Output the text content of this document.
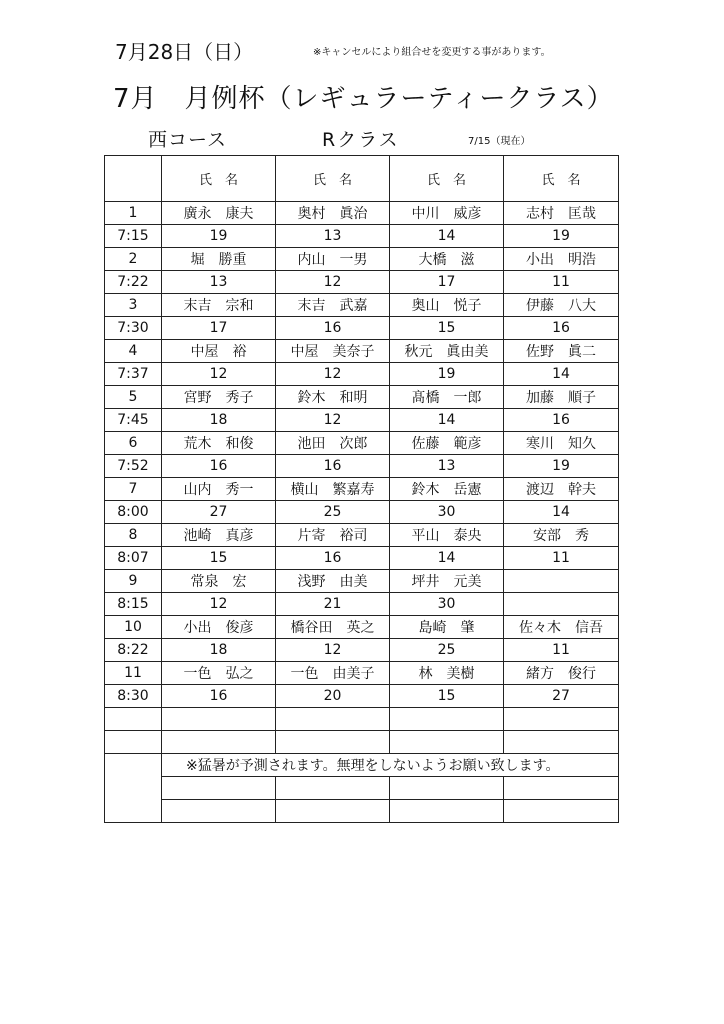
7月28日（日）	※キャンセルにより組合せを変更する事があります。
7月　月例杯（レギュラーティークラス）
西コース	Rクラス	7/15（現在）
	氏　名	氏　名	氏　名	氏　名
1	廣永　康夫	奥村　眞治	中川　威彦	志村　匡哉
7:15	19	13	14	19
2	堀　勝重	内山　一男	大橋　滋	小出　明浩
7:22	13	12	17	11
3	末吉　宗和	末吉　武嘉	奥山　悦子	伊藤　八大
7:30	17	16	15	16
4	中屋　裕	中屋　美奈子	秋元　眞由美	佐野　眞二
7:37	12	12	19	14
5	宮野　秀子	鈴木　和明	髙橋　一郎	加藤　順子
7:45	18	12	14	16
6	荒木　和俊	池田　次郎	佐藤　範彦	寒川　知久
7:52	16	16	13	19
7	山内　秀一	横山　繁嘉寿	鈴木　岳憲	渡辺　幹夫
8:00	27	25	30	14
8	池崎　真彦	片寄　裕司	平山　泰央	安部　秀
8:07	15	16	14	11
9	常泉　宏	浅野　由美	坪井　元美	
8:15	12	21	30	
10	小出　俊彦	橋谷田　英之	島崎　肇	佐々木　信吾
8:22	18	12	25	11
11	一色　弘之	一色　由美子	林　美樹	緒方　俊行
8:30	16	20	15	27

	※猛暑が予測されます。無理をしないようお願い致します。			
